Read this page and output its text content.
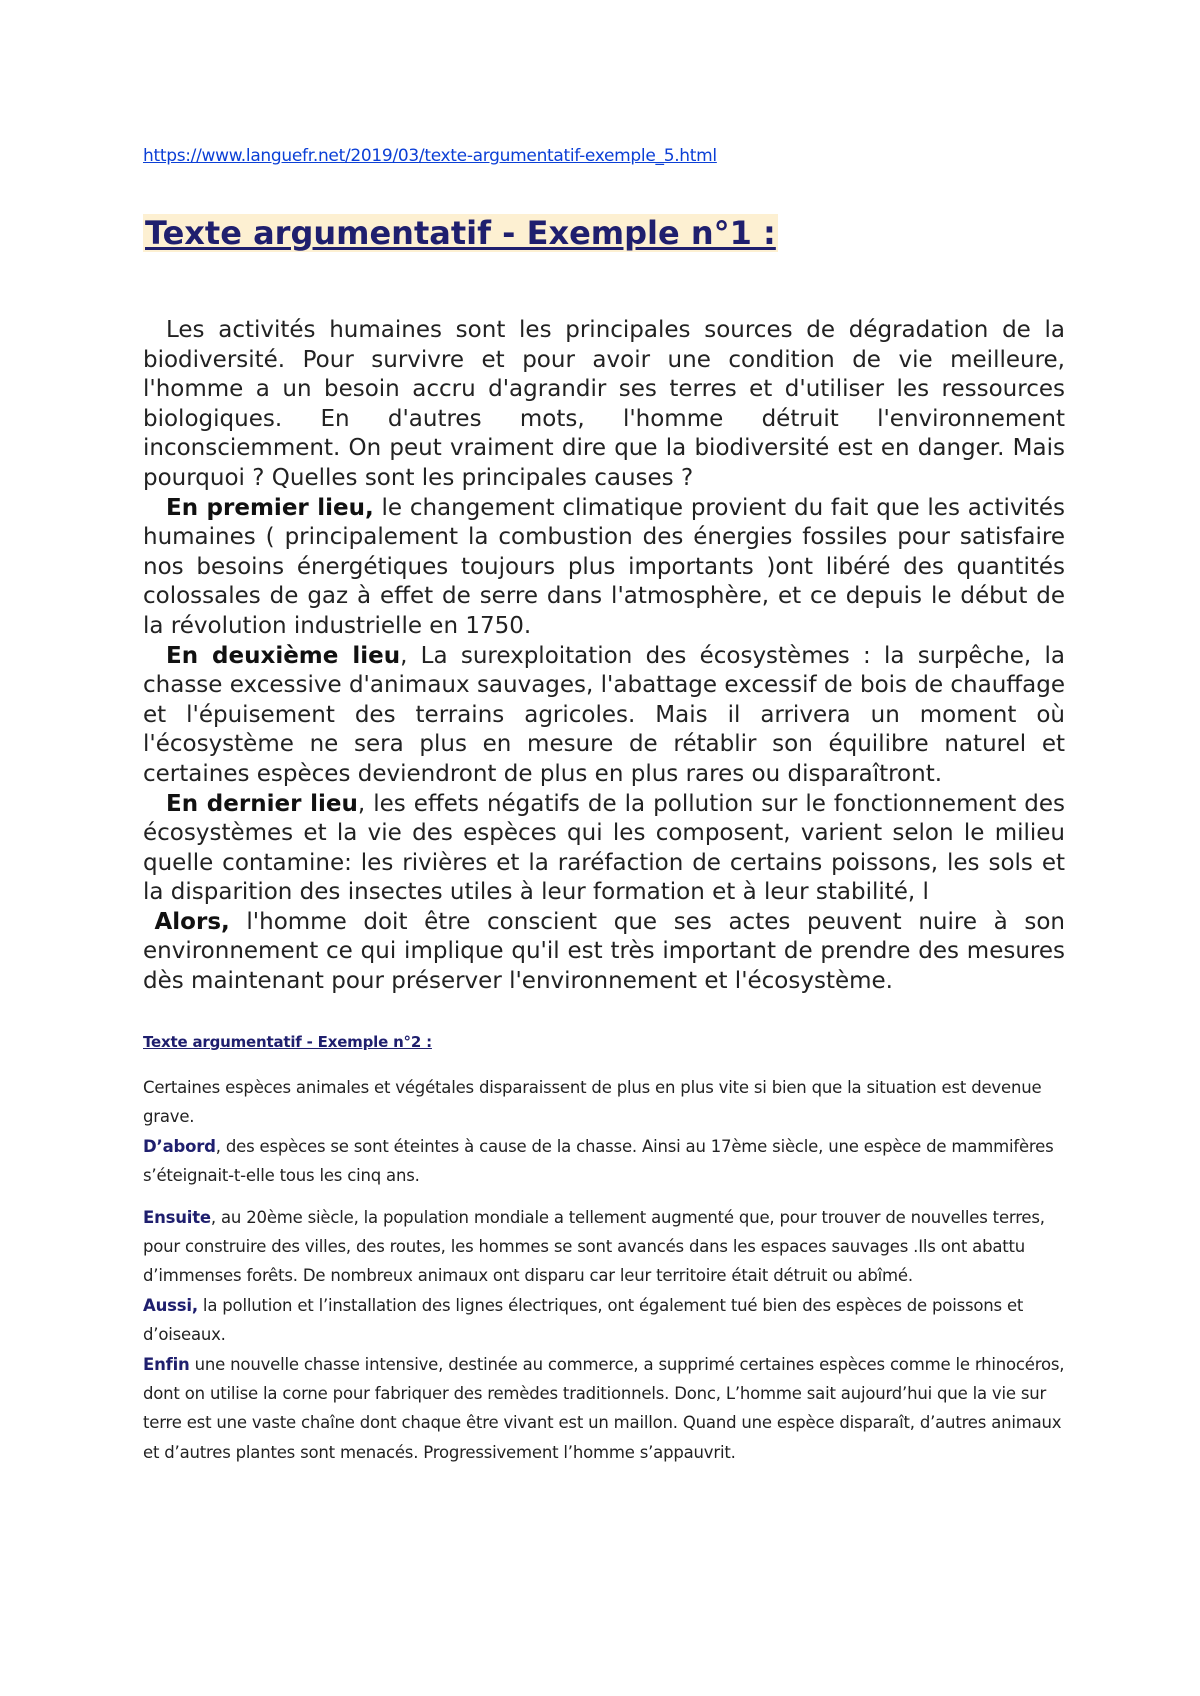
https://www.languefr.net/2019/03/texte-argumentatif-exemple_5.html
Texte argumentatif - Exemple n°1 :

 Les activités humaines sont les principales sources de dégradation de la biodiversité. Pour survivre et pour avoir une condition de vie meilleure, l'homme a un besoin accru d'agrandir ses terres et d'utiliser les ressources biologiques. En d'autres mots, l'homme détruit l'environnement inconsciemment. On peut vraiment dire que la biodiversité est en danger. Mais pourquoi ? Quelles sont les principales causes ?

 En premier lieu, le changement climatique provient du fait que les activités humaines ( principalement la combustion des énergies fossiles pour satisfaire nos besoins énergétiques toujours plus importants )ont libéré des quantités colossales de gaz à effet de serre dans l'atmosphère, et ce depuis le début de la révolution industrielle en 1750.

 En deuxième lieu, La surexploitation des écosystèmes : la surpêche, la chasse excessive d'animaux sauvages, l'abattage excessif de bois de chauffage et l'épuisement des terrains agricoles. Mais il arrivera un moment où l'écosystème ne sera plus en mesure de rétablir son équilibre naturel et certaines espèces deviendront de plus en plus rares ou disparaîtront.

 En dernier lieu, les effets négatifs de la pollution sur le fonctionnement des écosystèmes et la vie des espèces qui les composent, varient selon le milieu quelle contamine: les rivières et la raréfaction de certains poissons, les sols et la disparition des insectes utiles à leur formation et à leur stabilité, l

 Alors, l'homme doit être conscient que ses actes peuvent nuire à son environnement ce qui implique qu'il est très important de prendre des mesures dès maintenant pour préserver l'environnement et l'écosystème.

Texte argumentatif - Exemple n°2 :

Certaines espèces animales et végétales disparaissent de plus en plus vite si bien que la situation est devenue grave.

D’abord, des espèces se sont éteintes à cause de la chasse. Ainsi au 17ème siècle, une espèce de mammifères s’éteignait-t-elle tous les cinq ans.

Ensuite, au 20ème siècle, la population mondiale a tellement augmenté que, pour trouver de nouvelles terres, pour construire des villes, des routes, les hommes se sont avancés dans les espaces sauvages .Ils ont abattu d’immenses forêts. De nombreux animaux ont disparu car leur territoire était détruit ou abîmé.

Aussi, la pollution et l’installation des lignes électriques, ont également tué bien des espèces de poissons et d’oiseaux.

Enfin une nouvelle chasse intensive, destinée au commerce, a supprimé certaines espèces comme le rhinocéros, dont on utilise la corne pour fabriquer des remèdes traditionnels. Donc, L’homme sait aujourd’hui que la vie sur terre est une vaste chaîne dont chaque être vivant est un maillon. Quand une espèce disparaît, d’autres animaux et d’autres plantes sont menacés. Progressivement l’homme s’appauvrit.
